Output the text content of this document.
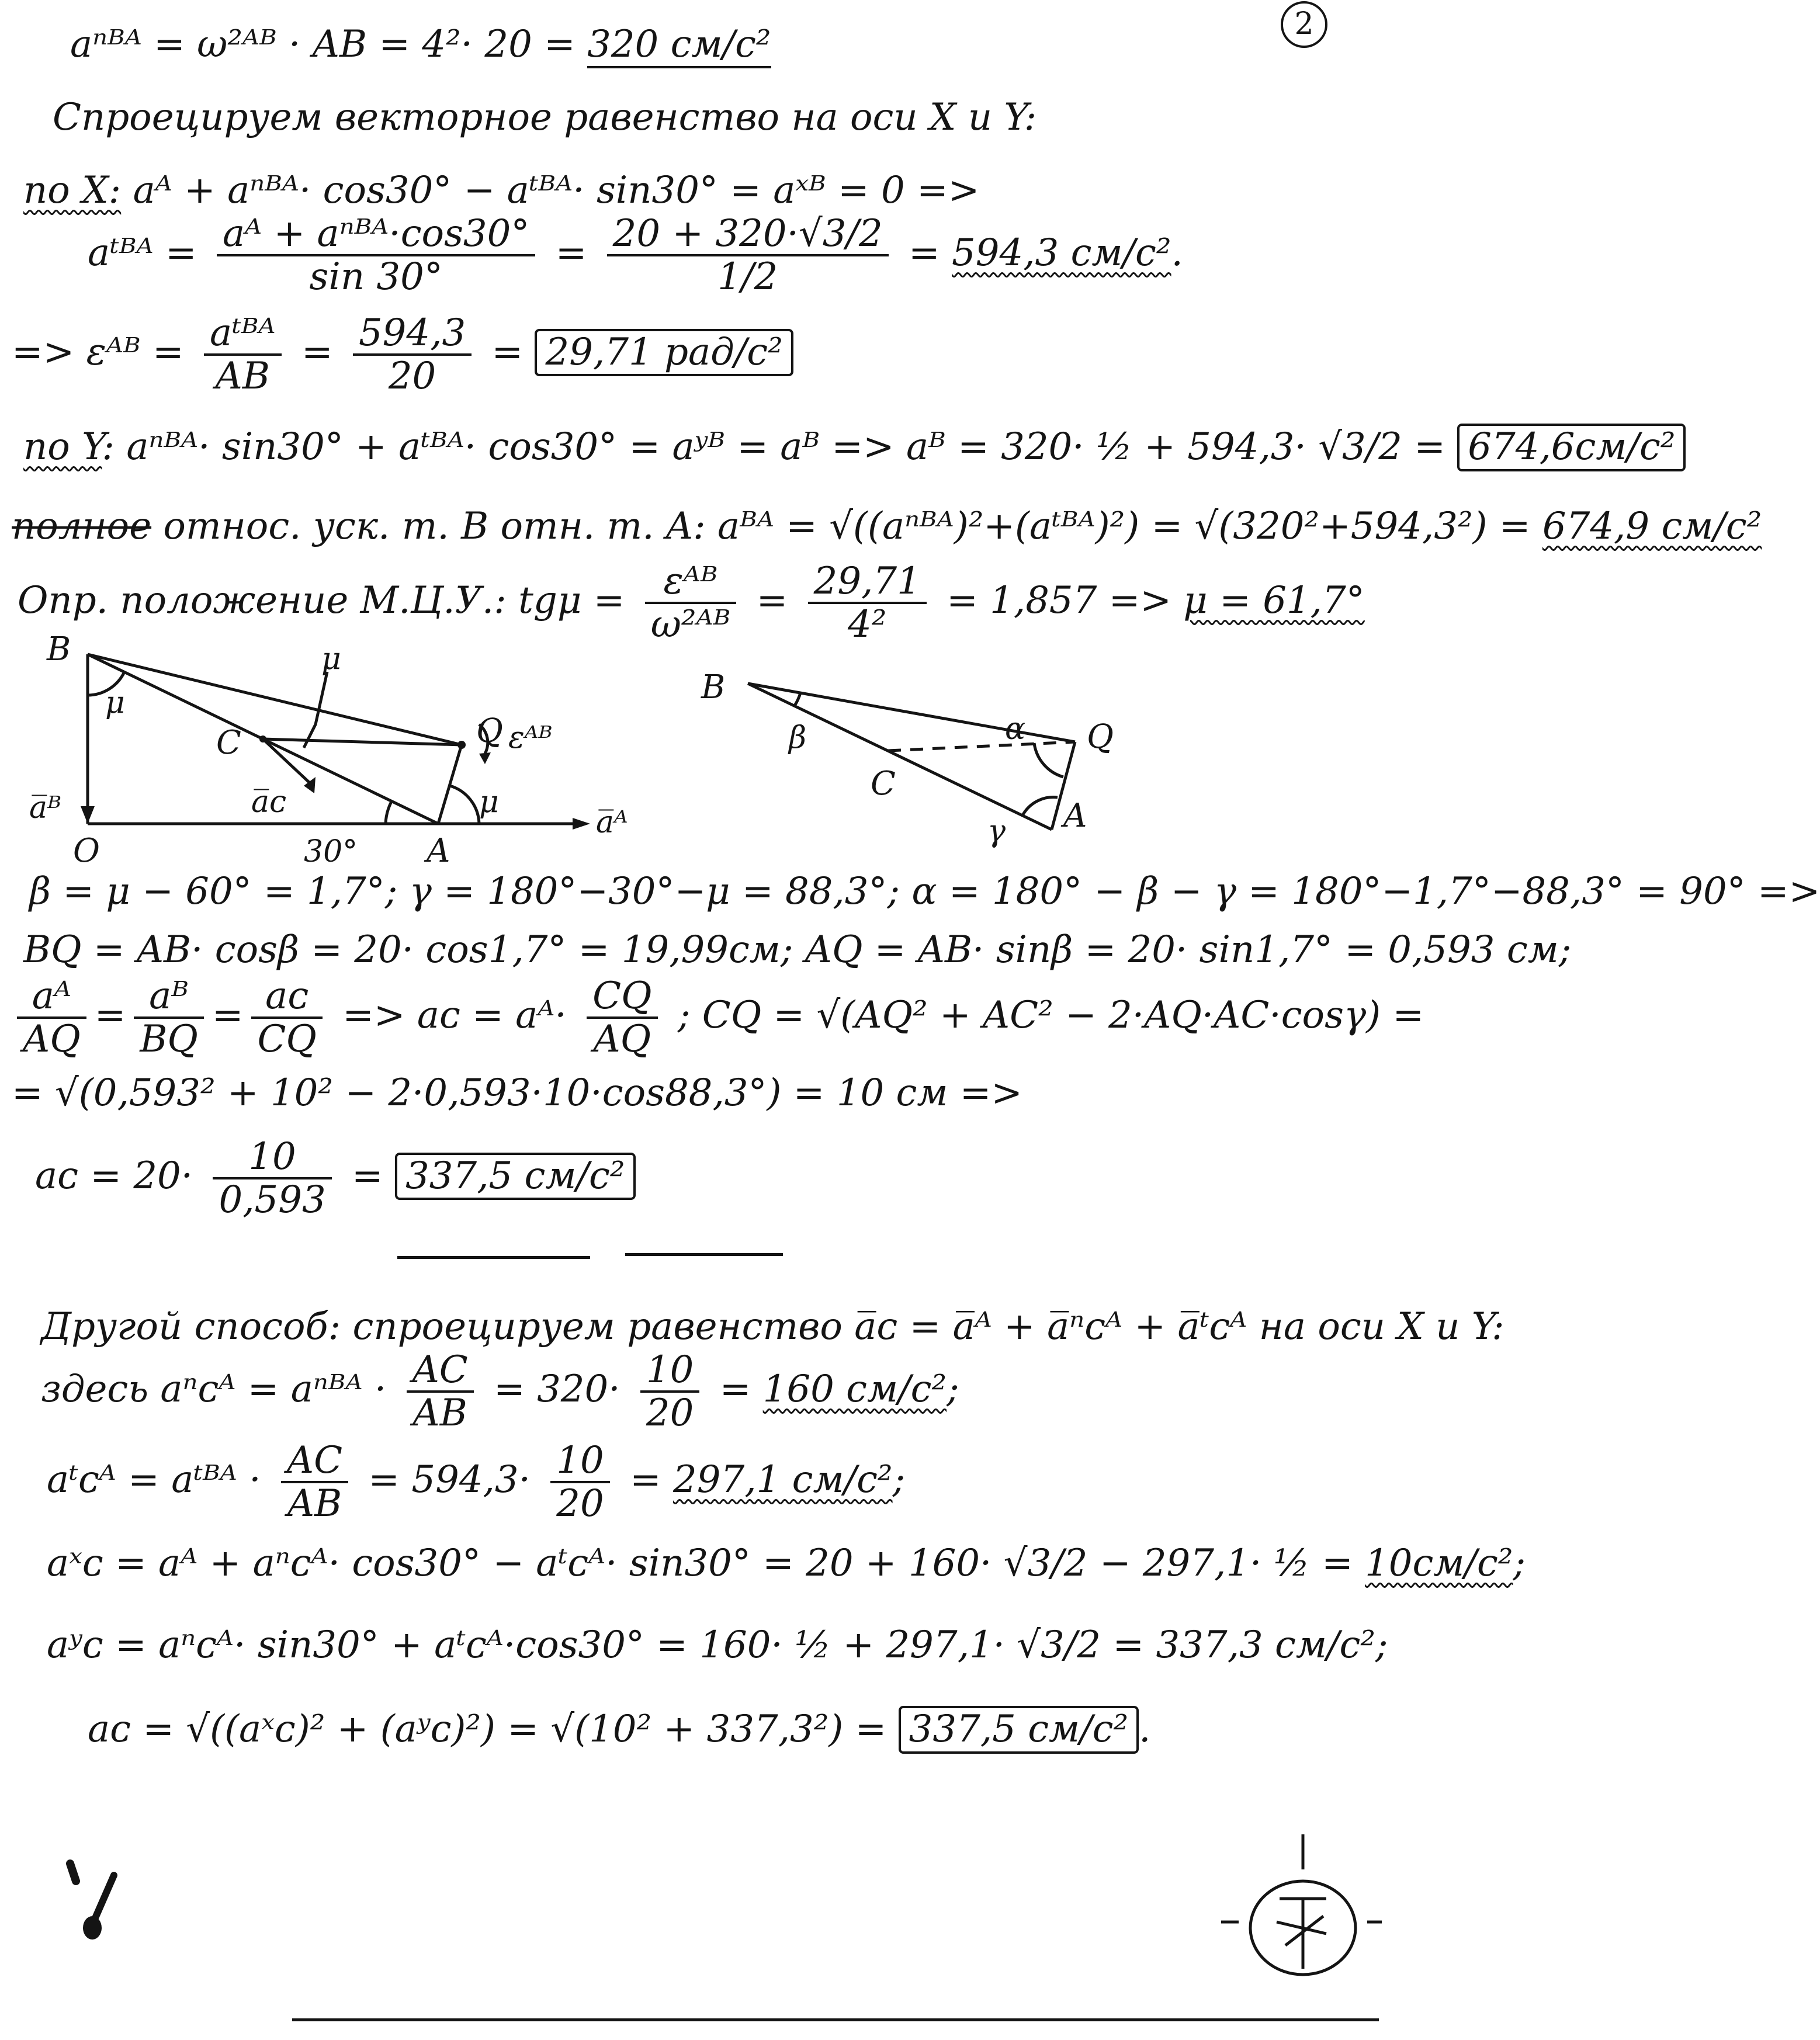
2
aⁿᴮᴬ = ω²ᴬᴮ · AB = 4²· 20 = 320 см/с²
Спроецируем векторное равенство на оси X и Y:
по X: aᴬ + aⁿᴮᴬ· cos30° − aᵗᴮᴬ· sin30° = aˣᴮ = 0 =>
aᵗᴮᴬ = $\frac{\text{aᴬ + aⁿᴮᴬ·cos30°}}{\sin 30^\circ} = \frac{20 + 320\cdot√3/2}{1/2} = 594,3$ см/с².
=> εᴬᴮ = $\frac{\text{aᵗᴮᴬ}}{AB} = \frac{594,3}{20} = 29,71$ рад/с²
по Y: aⁿᴮᴬ· sin30° + aᵗᴮᴬ· cos30° = aʸᴮ = aᴮ => aᴮ = 320· ½ + 594,3· √3/2 = 674,6см/с²
полное относ. уск. т. B отн. т. A: aᴮᴬ = √((aⁿᴮᴬ)²+(aᵗᴮᴬ)²) = √(320²+594,3²) = 674,9 см/с²
Опр. положение М.Ц.У.: $tg\mu = \frac{\text{εᴬᴮ}}{\text{ω²ᴬᴮ}} = \frac{29,71}{\text{4²}} = 1,857 => \mu = 61,7^\circ$
B
O	A
C	Q
μ
μ
μ
εᴬᴮ
a̅ᴮ	a̅ᴬ
a̅ᴄ
30°
B
β
C
α Q
γ A
β = μ − 60° = 1,7°; γ = 180°−30°−μ = 88,3°; α = 180° − β − γ = 180°−1,7°−88,3° = 90° =>
BQ = AB· cosβ = 20· cos1,7° = 19,99см; AQ = AB· sinβ = 20· sin1,7° = 0,593 см;
$\frac{\text{aᴬ}}{AQ} = \frac{\text{aᴮ}}{BQ} = \frac{\text{aᴄ}}{CQ}$ => aᴄ = aᴬ· $\frac{CQ}{AQ}$ ; CQ = √(AQ² + AC² − 2·AQ·AC·cosγ) =
= √(0,593² + 10² − 2·0,593·10·cos88,3°) = 10 см =>
aᴄ = $20\cdot \frac{10}{0,593} = 337,5$ см/с²
Другой способ: спроецируем равенство a̅ᴄ = a̅ᴬ + a̅ⁿᴄᴬ + a̅ᵗᴄᴬ на оси X и Y:
здесь aⁿᴄᴬ = aⁿᴮᴬ · $\frac{AC}{AB} = 320\cdot \frac{10}{20} = 160$ см/с²;
aᵗᴄᴬ = aᵗᴮᴬ · $\frac{AC}{AB} = 594,3\cdot \frac{10}{20} = 297,1$ см/с²;
aˣᴄ = aᴬ + aⁿᴄᴬ· cos30° − aᵗᴄᴬ· sin30° = 20 + 160· √3/2 − 297,1· ½ = 10см/с²;
aʸᴄ = aⁿᴄᴬ· sin30° + aᵗᴄᴬ·cos30° = 160· ½ + 297,1· √3/2 = 337,3 см/с²;
aᴄ = √((aˣᴄ)² + (aʸᴄ)²) = √(10² + 337,3²) = 337,5 см/с² .
